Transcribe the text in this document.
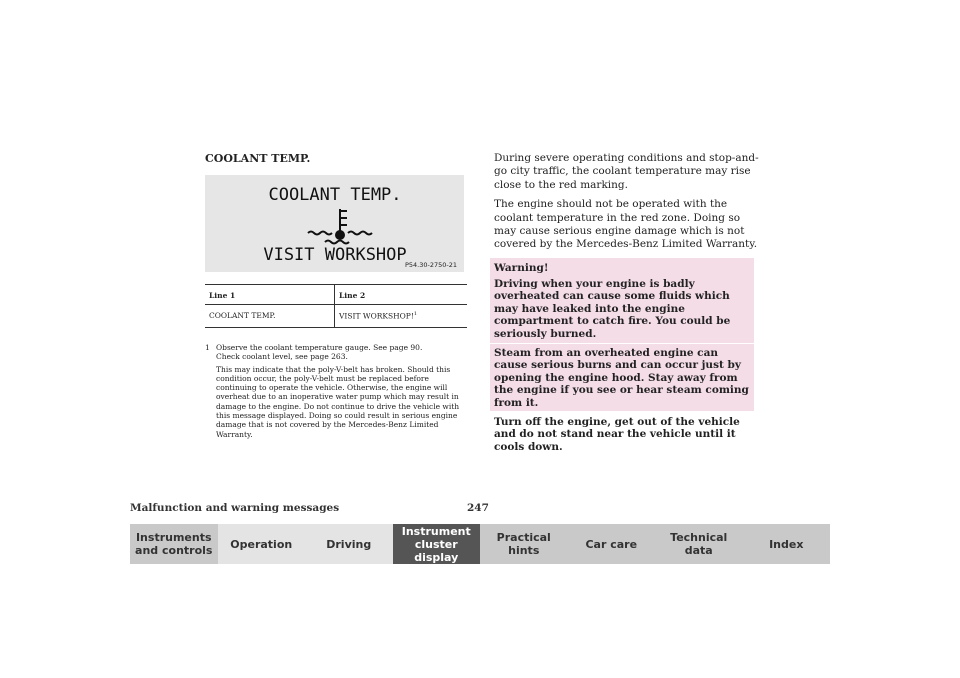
COOLANT TEMP.
COOLANT TEMP.
VISIT WORKSHOP
P54.30-2750-21
Line 1	Line 2
COOLANT TEMP.	VISIT WORKSHOP!$^1$
1 Observe the coolant temperature gauge. See page 90.

Check coolant level, see page 263.

This may indicate that the poly-V-belt has broken. Should this condition occur, the poly-V-belt must be replaced before continuing to operate the vehicle. Otherwise, the engine will overheat due to an inoperative water pump which may result in damage to the engine. Do not continue to drive the vehicle with this message displayed. Doing so could result in serious engine damage that is not covered by the Mercedes-Benz Limited Warranty.

During severe operating conditions and stop-and-go city traffic, the coolant temperature may rise close to the red marking.

The engine should not be operated with the coolant temperature in the red zone. Doing so may cause serious engine damage which is not covered by the Mercedes-Benz Limited Warranty.

Warning!
Driving when your engine is badly overheated can cause some fluids which may have leaked into the engine compartment to catch fire. You could be seriously burned.
Steam from an overheated engine can cause serious burns and can occur just by opening the engine hood. Stay away from the engine if you see or hear steam coming from it.
Turn off the engine, get out of the vehicle and do not stand near the vehicle until it cools down.
Malfunction and warning messages	247
Instruments and controls	Operation	Driving
Instrument cluster display
Practical hints	Car care	Technical data	Index
